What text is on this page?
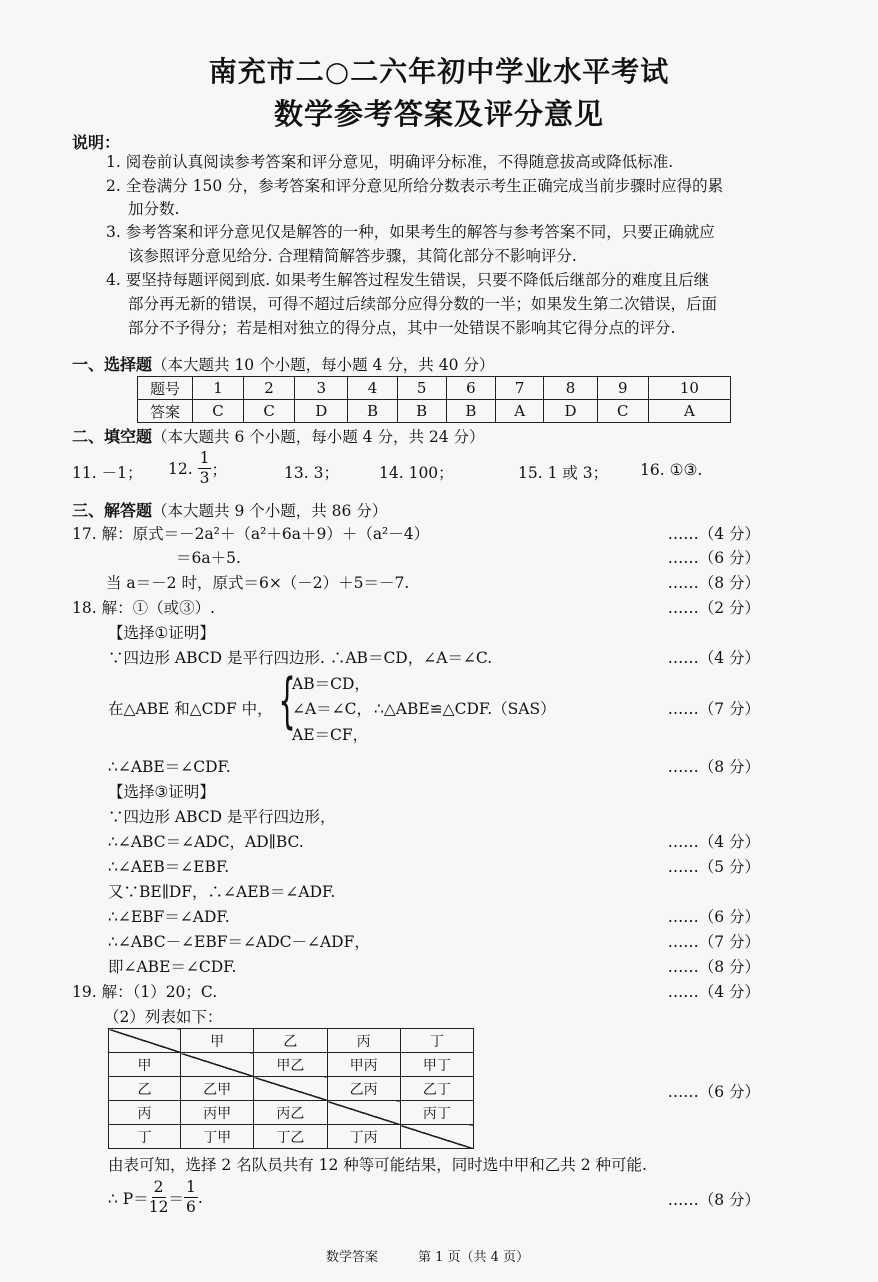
南充市二○二六年初中学业水平考试
数学参考答案及评分意见
说明：
1. 阅卷前认真阅读参考答案和评分意见，明确评分标准，不得随意拔高或降低标准.
2. 全卷满分 150 分，参考答案和评分意见所给分数表示考生正确完成当前步骤时应得的累
加分数.
3. 参考答案和评分意见仅是解答的一种，如果考生的解答与参考答案不同，只要正确就应
该参照评分意见给分. 合理精简解答步骤，其简化部分不影响评分.
4. 要坚持每题评阅到底. 如果考生解答过程发生错误，只要不降低后继部分的难度且后继
部分再无新的错误，可得不超过后续部分应得分数的一半；如果发生第二次错误，后面
部分不予得分；若是相对独立的得分点，其中一处错误不影响其它得分点的评分.
一、选择题（本大题共 10 个小题，每小题 4 分，共 40 分）
题号	1	2	3	4	5	6	7	8	9	10
答案	C	C	D	B	B	B	A	D	C	A
二、填空题（本大题共 6 个小题，每小题 4 分，共 24 分）
11. －1； 12.
$\frac{1}{3}$ ；	13. 3；	14. 100；	15. 1 或 3； 16. ①③.
三、解答题（本大题共 9 个小题，共 86 分）
17. 解：原式＝－2a²＋（a²＋6a＋9）＋（a²－4）	……（4 分）
＝6a＋5.	……（6 分）
当 a＝－2 时，原式＝6×（－2）＋5＝－7.	……（8 分）
18. 解：①（或③）.	……（2 分）
【选择①证明】
∵四边形 ABCD 是平行四边形. ∴AB＝CD，∠A＝∠C.	……（4 分）
在△ABE 和△CDF 中， {
AB＝CD，
∠A＝∠C，
AE＝CF，
∴△ABE≌△CDF.（SAS）	……（7 分）
∴∠ABE＝∠CDF.	……（8 分）
【选择③证明】
∵四边形 ABCD 是平行四边形，
∴∠ABC＝∠ADC，AD∥BC.	……（4 分）
∴∠AEB＝∠EBF.	……（5 分）
又∵BE∥DF，∴∠AEB＝∠ADF.
∴∠EBF＝∠ADF.	……（6 分）
∴∠ABC－∠EBF＝∠ADC－∠ADF，	……（7 分）
即∠ABE＝∠CDF.	……（8 分）
19. 解：（1）20；C.	……（4 分）
（2）列表如下：
	甲	乙	丙	丁
甲		甲乙	甲丙	甲丁
乙	乙甲		乙丙	乙丁
丙	丙甲	丙乙		丙丁
丁	丁甲	丁乙	丁丙	
……（6 分）
由表可知，选择 2 名队员共有 12 种等可能结果，同时选中甲和乙共 2 种可能.
∴ $P= \frac{2}{12} = \frac{1}{6}$ .	……（8 分）
数学答案	第 1 页（共 4 页）
